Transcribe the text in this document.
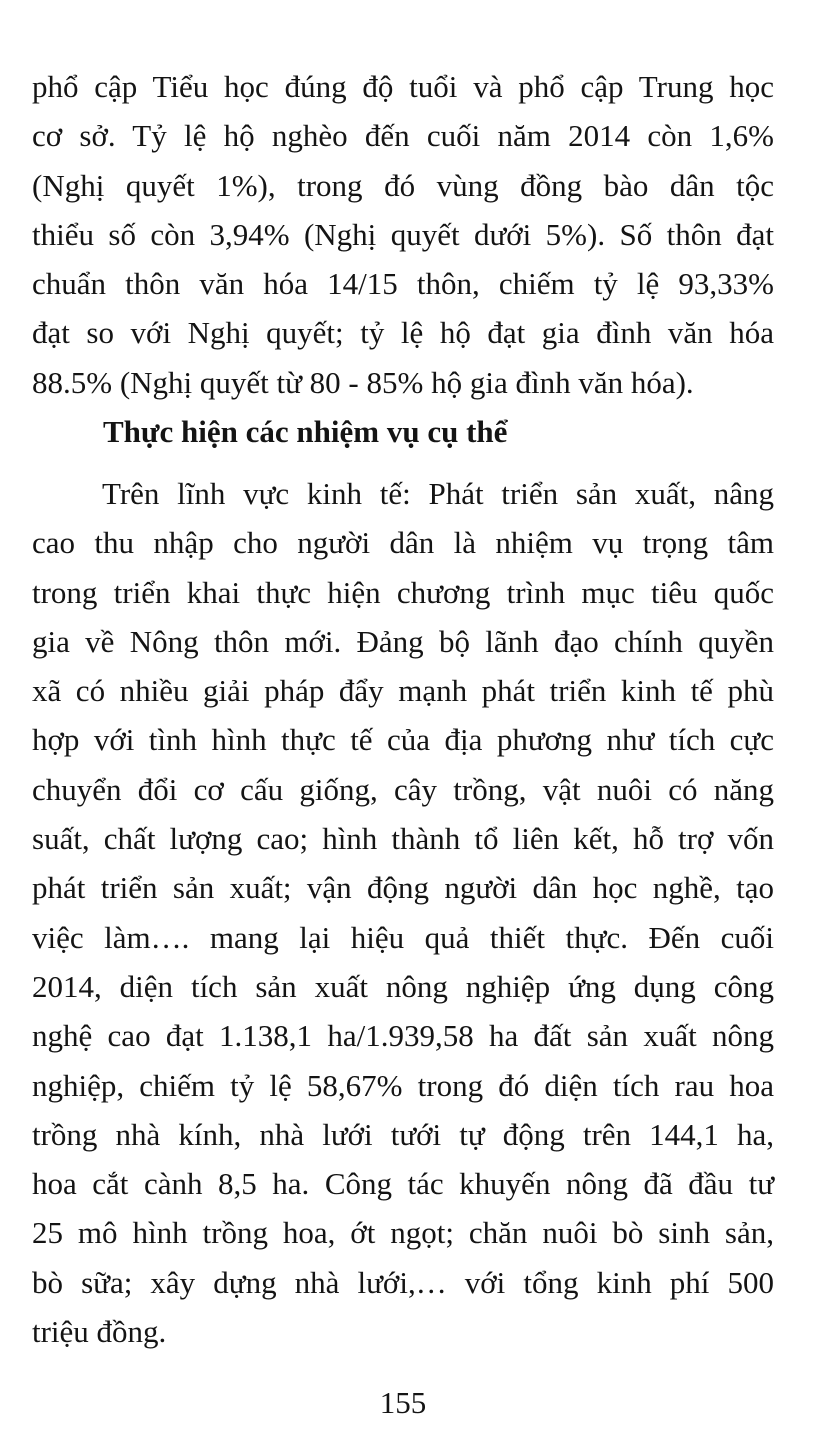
phổ cập Tiểu học đúng độ tuổi và phổ cập Trung học
cơ sở. Tỷ lệ hộ nghèo đến cuối năm 2014 còn 1,6%
(Nghị quyết 1%), trong đó vùng đồng bào dân tộc
thiểu số còn 3,94% (Nghị quyết dưới 5%). Số thôn đạt
chuẩn thôn văn hóa 14/15 thôn, chiếm tỷ lệ 93,33%
đạt so với Nghị quyết; tỷ lệ hộ đạt gia đình văn hóa
88.5% (Nghị quyết từ 80 - 85% hộ gia đình văn hóa).
Thực hiện các nhiệm vụ cụ thể
Trên lĩnh vực kinh tế: Phát triển sản xuất, nâng
cao thu nhập cho người dân là nhiệm vụ trọng tâm
trong triển khai thực hiện chương trình mục tiêu quốc
gia về Nông thôn mới. Đảng bộ lãnh đạo chính quyền
xã có nhiều giải pháp đẩy mạnh phát triển kinh tế phù
hợp với tình hình thực tế của địa phương như tích cực
chuyển đổi cơ cấu giống, cây trồng, vật nuôi có năng
suất, chất lượng cao; hình thành tổ liên kết, hỗ trợ vốn
phát triển sản xuất; vận động người dân học nghề, tạo
việc làm…. mang lại hiệu quả thiết thực. Đến cuối
2014, diện tích sản xuất nông nghiệp ứng dụng công
nghệ cao đạt 1.138,1 ha/1.939,58 ha đất sản xuất nông
nghiệp, chiếm tỷ lệ 58,67% trong đó diện tích rau hoa
trồng nhà kính, nhà lưới tưới tự động trên 144,1 ha,
hoa cắt cành 8,5 ha. Công tác khuyến nông đã đầu tư
25 mô hình trồng hoa, ớt ngọt; chăn nuôi bò sinh sản,
bò sữa; xây dựng nhà lưới,… với tổng kinh phí 500
triệu đồng.
155
